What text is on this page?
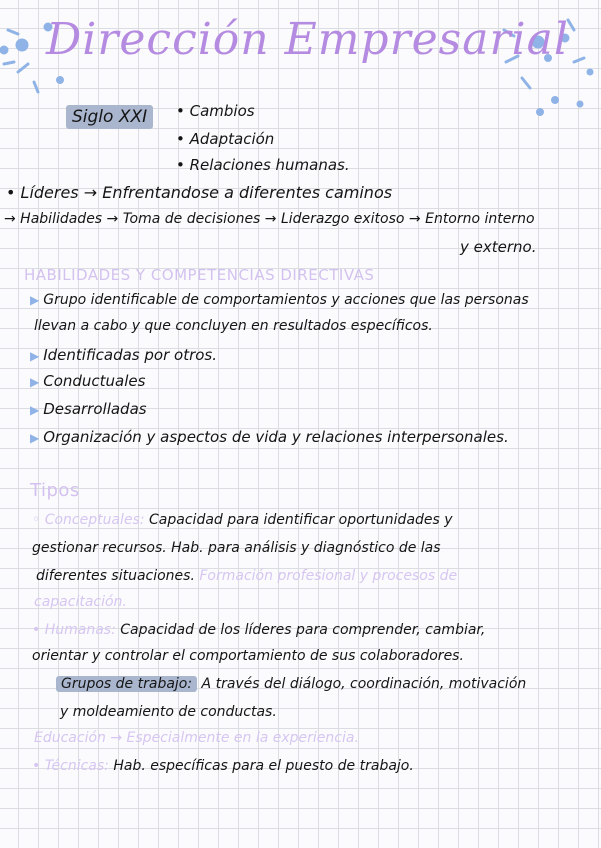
Dirección Empresarial
Siglo XXI	• Cambios
• Adaptación
• Relaciones humanas.
• Líderes → Enfrentandose a diferentes caminos
→ Habilidades → Toma de decisiones → Liderazgo exitoso → Entorno interno
y externo.
HABILIDADES Y COMPETENCIAS DIRECTIVAS
▶ Grupo identificable de comportamientos y acciones que las personas
llevan a cabo y que concluyen en resultados específicos.
▶ Identificadas por otros.
▶ Conductuales
▶ Desarrolladas
▶ Organización y aspectos de vida y relaciones interpersonales.
Tipos
◦ Conceptuales: Capacidad para identificar oportunidades y
gestionar recursos. Hab. para análisis y diagnóstico de las
diferentes situaciones. Formación profesional y procesos de
capacitación.
• Humanas: Capacidad de los líderes para comprender, cambiar,
orientar y controlar el comportamiento de sus colaboradores.
Grupos de trabajo: A través del diálogo, coordinación, motivación
y moldeamiento de conductas.
Educación → Especialmente en la experiencia.
• Técnicas: Hab. específicas para el puesto de trabajo.
